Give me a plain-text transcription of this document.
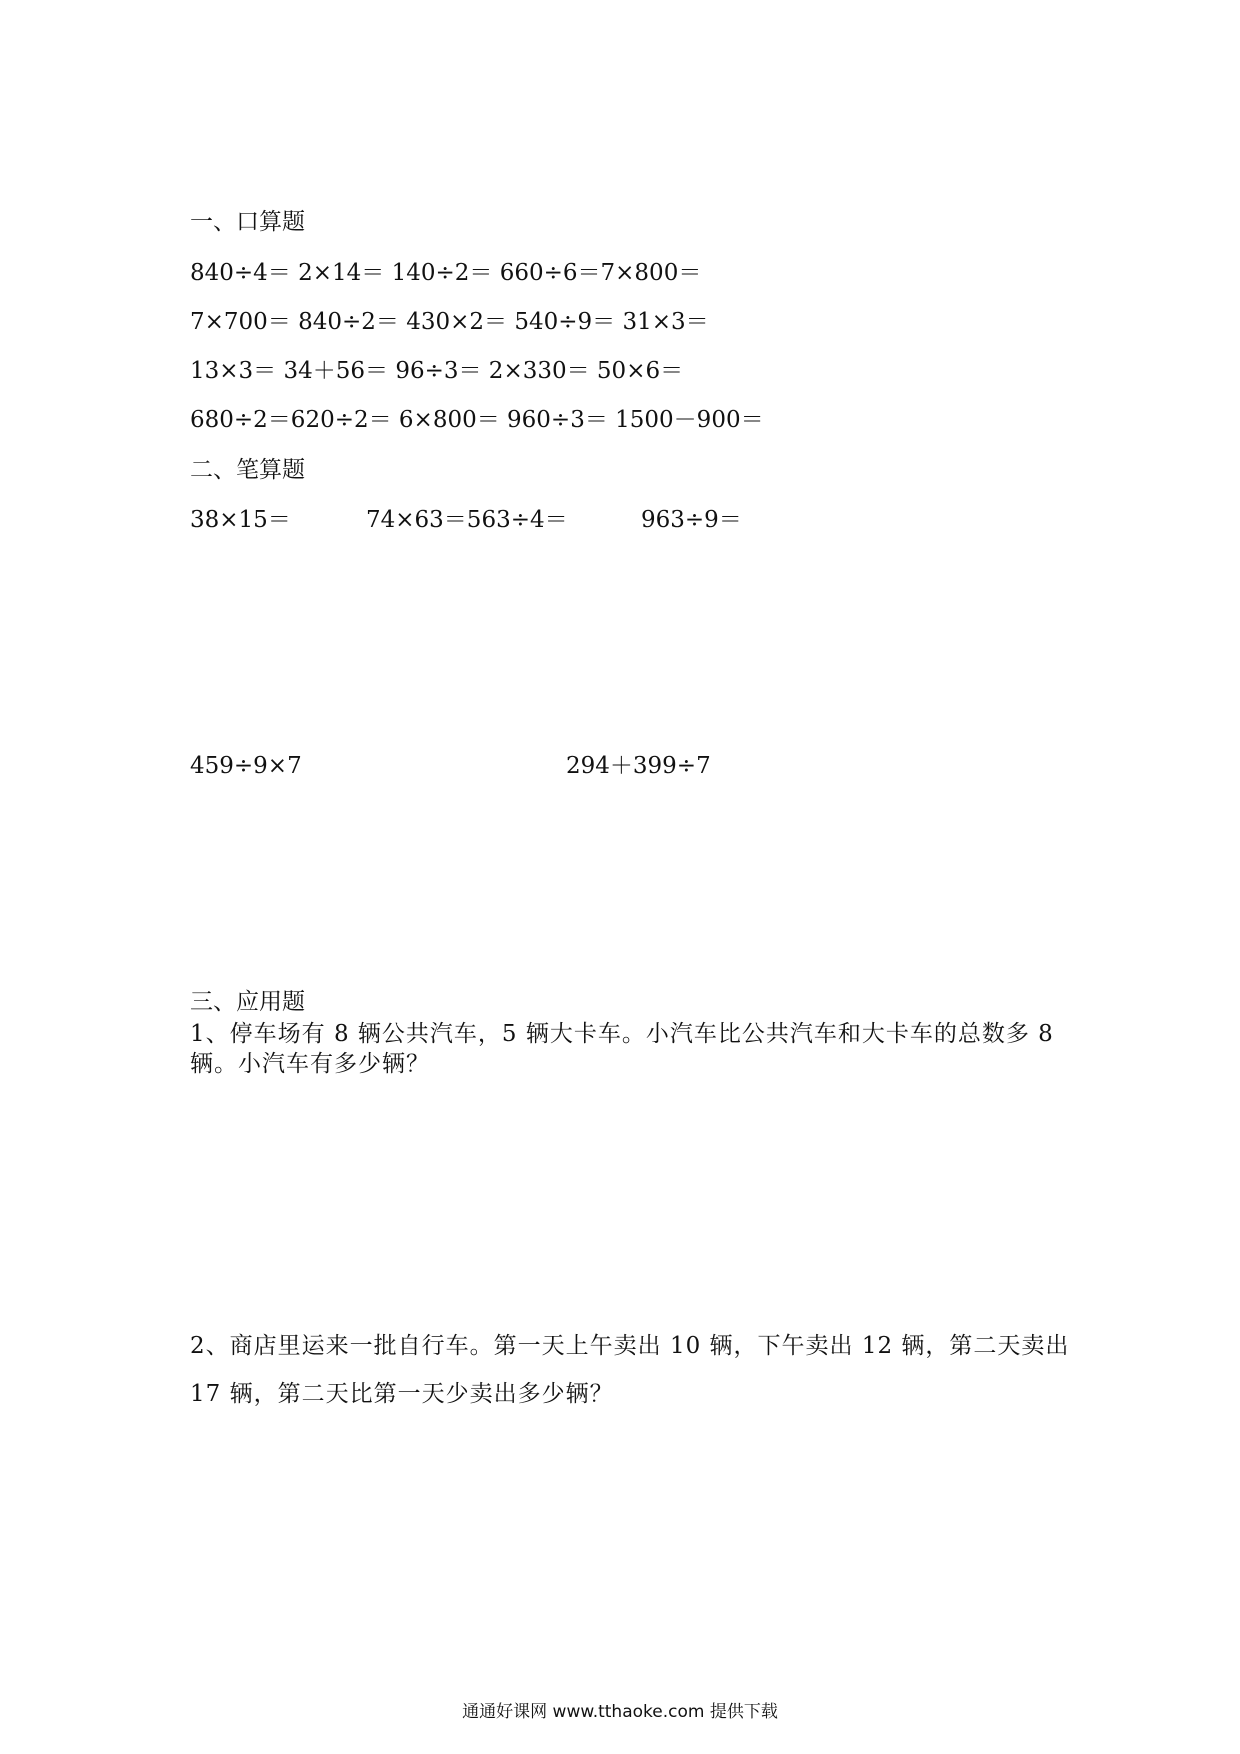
一、口算题
840÷4＝ 2×14＝ 140÷2＝ 660÷6＝7×800＝
7×700＝ 840÷2＝ 430×2＝ 540÷9＝ 31×3＝
13×3＝ 34＋56＝ 96÷3＝ 2×330＝ 50×6＝
680÷2＝620÷2＝ 6×800＝ 960÷3＝ 1500－900＝
二、笔算题
38×15＝	74×63＝563÷4＝	963÷9＝
459÷9×7	294＋399÷7
三、应用题
1、停车场有 8 辆公共汽车，5 辆大卡车。小汽车比公共汽车和大卡车的总数多 8 辆。小汽车有多少辆？
2、商店里运来一批自行车。第一天上午卖出 10 辆，下午卖出 12 辆，第二天卖出 17 辆，第二天比第一天少卖出多少辆？
通通好课网 www.tthaoke.com 提供下载
